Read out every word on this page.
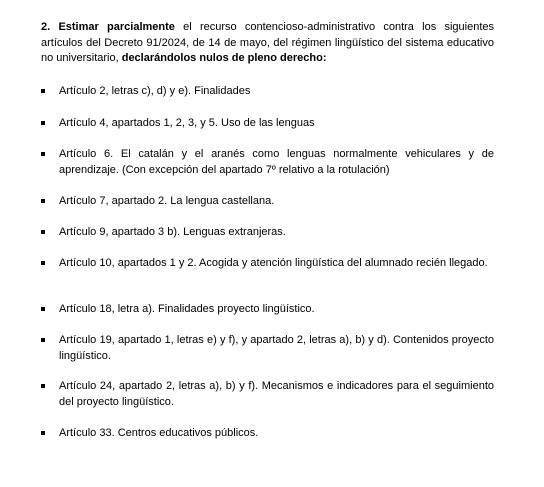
2. Estimar parcialmente el recurso contencioso-administrativo contra los siguientes artículos del Decreto 91/2024, de 14 de mayo, del régimen lingüístico del sistema educativo no universitario, declarándolos nulos de pleno derecho:

Artículo 2, letras c), d) y e). Finalidades
Artículo 4, apartados 1, 2, 3, y 5. Uso de las lenguas
Artículo 6. El catalán y el aranés como lenguas normalmente vehiculares y de aprendizaje. (Con excepción del apartado 7º relativo a la rotulación)
Artículo 7, apartado 2. La lengua castellana.
Artículo 9, apartado 3 b). Lenguas extranjeras.
Artículo 10, apartados 1 y 2. Acogida y atención lingüística del alumnado recién llegado.
Artículo 18, letra a). Finalidades proyecto lingüístico.
Artículo 19, apartado 1, letras e) y f), y apartado 2, letras a), b) y d). Contenidos proyecto lingüístico.
Artículo 24, apartado 2, letras a), b) y f). Mecanismos e indicadores para el seguimiento del proyecto lingüístico.
Artículo 33. Centros educativos públicos.
